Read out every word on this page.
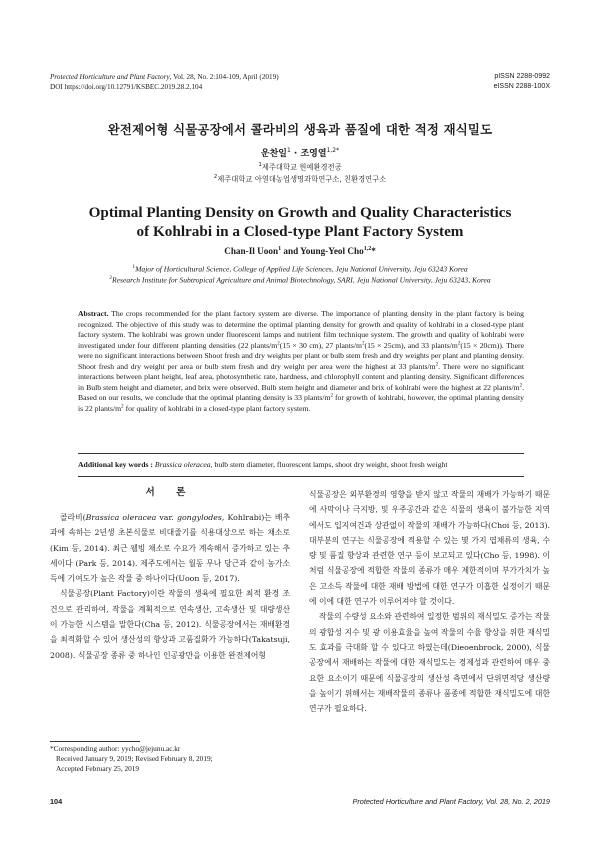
Protected Horticulture and Plant Factory, Vol. 28, No. 2:104-109, April (2019)
DOI https://doi.org/10.12791/KSBEC.2019.28.2.104
pISSN 2288-0992
eISSN 2288-100X
완전제어형 식물공장에서 콜라비의 생육과 품질에 대한 적정 재식밀도
운찬일$^1$ · 조영열$^{1,2*}$
$^1$제주대학교 원예환경전공
$^2$제주대학교 아열대농업생명과학연구소, 친환경연구소
Optimal Planting Density on Growth and Quality Characteristics
of Kohlrabi in a Closed-type Plant Factory System
Chan-Il Uoon$^1$ and Young-Yeol Cho$^{1,2}$*
$^1$Major of Horticultural Science, College of Applied Life Sciences, Jeju National University, Jeju 63243 Korea
$^2$Research Institute for Subtropical Agriculture and Animal Biotechnology, SARI, Jeju National University, Jeju 63243, Korea
Abstract. The crops recommended for the plant factory system are diverse. The importance of planting density in the plant factory is being recognized. The objective of this study was to determine the optimal planting density for growth and quality of kohlrabi in a closed-type plant factory system. The kohlrabi was grown under fluorescent lamps and nutrient film technique system. The growth and quality of kohlrabi were investigated under four different planting densities (22 plants/$m^2(15 \times 30$ cm), 27 plants/$m^2(15 \times 25cm)$, and 33 plants/$m^2(15 \times 20cm)$). There were no significant interactions between Shoot fresh and dry weights per plant or bulb stem fresh and dry weights per plant and planting density. Shoot fresh and dry weight per area or bulb stem fresh and dry weight per area were the highest at 33 plants/$m^2$. There were no significant interactions between plant height, leaf area, photosynthetic rate, hardness, and chlorophyll content and planting density. Significant differences in Bulb stem height and diameter, and brix were observed. Bulb stem height and diameter and brix of kohlrabi were the highest at 22 plants/$m^2$. Based on our results, we conclude that the optimal planting density is 33 plants/$m^2$ for growth of kohlrabi, however, the optimal planting density is 22 plants/$m^2$ for quality of kohlrabi in a closed-type plant factory system.
Additional key words : Brassica oleracea, bulb stem diameter, fluorescent lamps, shoot dry weight, shoot fresh weight
서 론

콜라비(Brassica oleracea var. gongylodes, Kohlrabi)는 배추과에 속하는 2년생 초본식물로 비대줄기를 식용대상으로 하는 채소로(Kim 등, 2014). 최근 웰빙 채소로 수요가 계속해서 증가하고 있는 추세이다 (Park 등, 2014). 제주도에서는 월동 무나 당근과 같이 농가소득에 기여도가 높은 작물 중 하나이다(Uoon 등, 2017).

식물공장(Plant Factory)이란 작물의 생육에 필요한 최적 환경 조건으로 관리하여, 작물을 계획적으로 연속생산, 고속생산 및 대량생산이 가능한 시스템을 말한다(Cha 등, 2012). 식물공장에서는 재배환경을 최적화할 수 있어 생산성의 향상과 고품질화가 가능하다(Takatsuji, 2008). 식물공장 종류 중 하나인 인공광만을 이용한 완전제어형

식물공장은 외부환경의 영향을 받지 않고 작물의 재배가 가능하기 때문에 사막이나 극지방, 및 우주공간과 같은 식물의 생육이 불가능한 지역에서도 입지여건과 상관없이 작물의 재배가 가능하다(Choi 등, 2013). 대부분의 연구는 식물공장에 적용할 수 있는 몇 가지 엽채류의 생육, 수량 및 품질 향상과 관련한 연구 등이 보고되고 있다(Cho 등, 1998). 이처럼 식물공장에 적합한 작물의 종류가 매우 제한적이며 부가가치가 높은 고소득 작물에 대한 재배 방법에 대한 연구가 미흡한 실정이기 때문에 이에 대한 연구가 이루어져야 할 것이다.

작물의 수량성 요소와 관련하여 일정한 범위의 재식밀도 증가는 작물의 광합성 지수 및 광 이용효율을 높여 작물의 수율 향상을 위한 재식밀도 효과를 극대화 할 수 있다고 하였는데(Dieoenbrock, 2000), 식물공장에서 재배하는 작물에 대한 재식밀도는 경제성과 관련하여 매우 중요한 요소이기 때문에 식물공장의 생산성 측면에서 단위면적당 생산량을 높이기 위해서는 재배작물의 종류나 품종에 적합한 재식밀도에 대한 연구가 필요하다.

*Corresponding author: yycho@jejunu.ac.kr
Received January 9, 2019; Revised February 8, 2019;
Accepted February 25, 2019
104	Protected Horticulture and Plant Factory, Vol. 28, No. 2, 2019
